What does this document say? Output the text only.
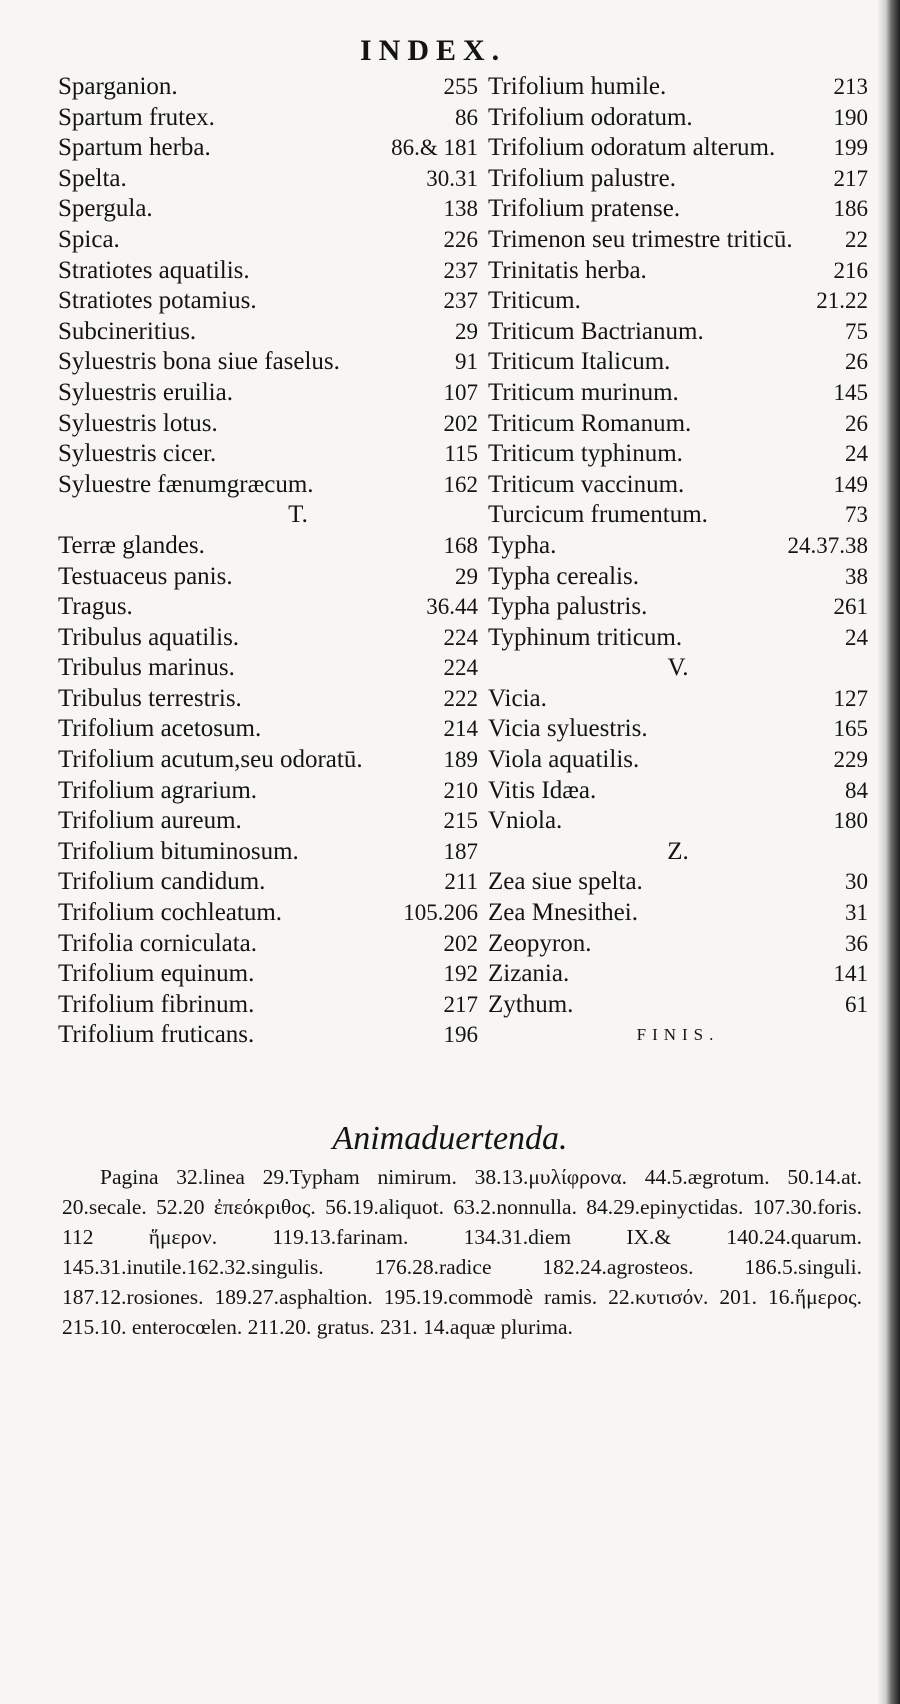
INDEX.
Sparganion.	255
Spartum frutex.	86
Spartum herba.	86.& 181
Spelta.	30.31
Spergula.	138
Spica.	226
Stratiotes aquatilis.	237
Stratiotes potamius.	237
Subcineritius.	29
Syluestris bona siue faselus.	91
Syluestris eruilia.	107
Syluestris lotus.	202
Syluestris cicer.	115
Syluestre fænumgræcum.	162
T.
Terræ glandes.	168
Testuaceus panis.	29
Tragus.	36.44
Tribulus aquatilis.	224
Tribulus marinus.	224
Tribulus terrestris.	222
Trifolium acetosum.	214
Trifolium acutum,seu odoratū.	189
Trifolium agrarium.	210
Trifolium aureum.	215
Trifolium bituminosum.	187
Trifolium candidum.	211
Trifolium cochleatum.	105.206
Trifolia corniculata.	202
Trifolium equinum.	192
Trifolium fibrinum.	217
Trifolium fruticans.	196
Trifolium humile.	213
Trifolium odoratum.	190
Trifolium odoratum alterum.	199
Trifolium palustre.	217
Trifolium pratense.	186
Trimenon seu trimestre triticū. 22
Trinitatis herba.	216
Triticum.	21.22
Triticum Bactrianum.	75
Triticum Italicum.	26
Triticum murinum.	145
Triticum Romanum.	26
Triticum typhinum.	24
Triticum vaccinum.	149
Turcicum frumentum.	73
Typha.	24.37.38
Typha cerealis.	38
Typha palustris.	261
Typhinum triticum.	24
V.
Vicia.	127
Vicia syluestris.	165
Viola aquatilis.	229
Vitis Idæa.	84
Vniola.	180
Z.
Zea siue spelta.	30
Zea Mnesithei.	31
Zeopyron.	36
Zizania.	141
Zythum.	61
FINIS.
Animaduertenda.
Pagina 32.linea 29.Typham nimirum. 38.13.μυλίφρονα. 44.5.ægrotum. 50.14.at. 20.secale. 52.20 ἐπεόκριθος. 56.19.aliquot. 63.2.nonnulla. 84.29.epinyctidas. 107.30.foris. 112 ἥμερον. 119.13.farinam. 134.31.diem IX.& 140.24.quarum. 145.31.inutile.162.32.singulis. 176.28.radice 182.24.agrosteos. 186.5.singuli. 187.12.rosiones. 189.27.asphaltion. 195.19.commodè ramis. 22.κυτισόν. 201. 16.ἥμερος. 215.10. enterocœlen. 211.20. gratus. 231. 14.aquæ plurima.
